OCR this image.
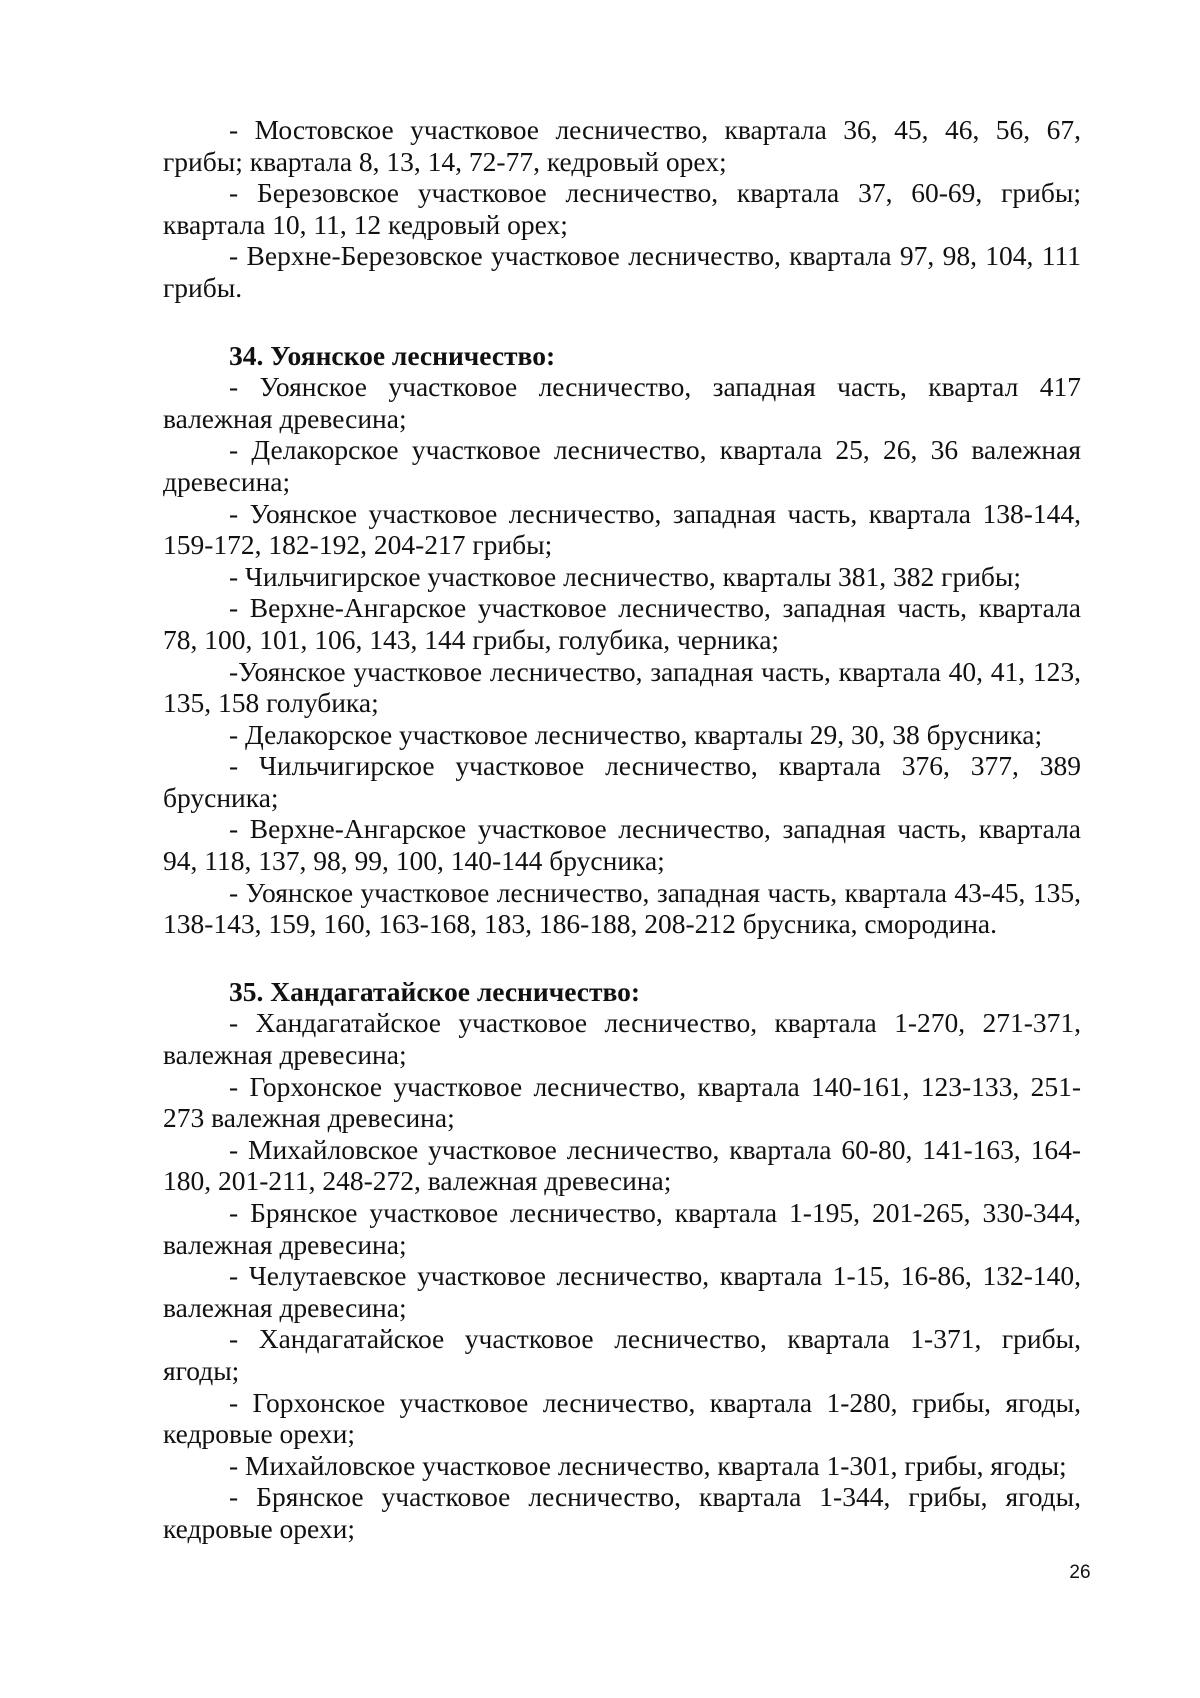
- Мостовское участковое лесничество, квартала 36, 45, 46, 56, 67, грибы; квартала 8, 13, 14, 72-77, кедровый орех;

- Березовское участковое лесничество, квартала 37, 60-69, грибы; квартала 10, 11, 12 кедровый орех;

- Верхне-Березовское участковое лесничество, квартала 97, 98, 104, 111 грибы.

34. Уоянское лесничество:

- Уоянское участковое лесничество, западная часть, квартал 417 валежная древесина;

- Делакорское участковое лесничество, квартала 25, 26, 36 валежная древесина;

- Уоянское участковое лесничество, западная часть, квартала 138-144, 159-172, 182-192, 204-217 грибы;

- Чильчигирское участковое лесничество, кварталы 381, 382 грибы;

- Верхне-Ангарское участковое лесничество, западная часть, квартала 78, 100, 101, 106, 143, 144 грибы, голубика, черника;

-Уоянское участковое лесничество, западная часть, квартала 40, 41, 123, 135, 158 голубика;

- Делакорское участковое лесничество, кварталы 29, 30, 38 брусника;

- Чильчигирское участковое лесничество, квартала 376, 377, 389 брусника;

- Верхне-Ангарское участковое лесничество, западная часть, квартала 94, 118, 137, 98, 99, 100, 140-144 брусника;

- Уоянское участковое лесничество, западная часть, квартала 43-45, 135, 138-143, 159, 160, 163-168, 183, 186-188, 208-212 брусника, смородина.

35. Хандагатайское лесничество:

- Хандагатайское участковое лесничество, квартала 1-270, 271-371, валежная древесина;

- Горхонское участковое лесничество, квартала 140-161, 123-133, 251-273 валежная древесина;

- Михайловское участковое лесничество, квартала 60-80, 141-163, 164-180, 201-211, 248-272, валежная древесина;

- Брянское участковое лесничество, квартала 1-195, 201-265, 330-344, валежная древесина;

- Челутаевское участковое лесничество, квартала 1-15, 16-86, 132-140, валежная древесина;

- Хандагатайское участковое лесничество, квартала 1-371, грибы, ягоды;

- Горхонское участковое лесничество, квартала 1-280, грибы, ягоды, кедровые орехи;

- Михайловское участковое лесничество, квартала 1-301, грибы, ягоды;

- Брянское участковое лесничество, квартала 1-344, грибы, ягоды, кедровые орехи;

26
